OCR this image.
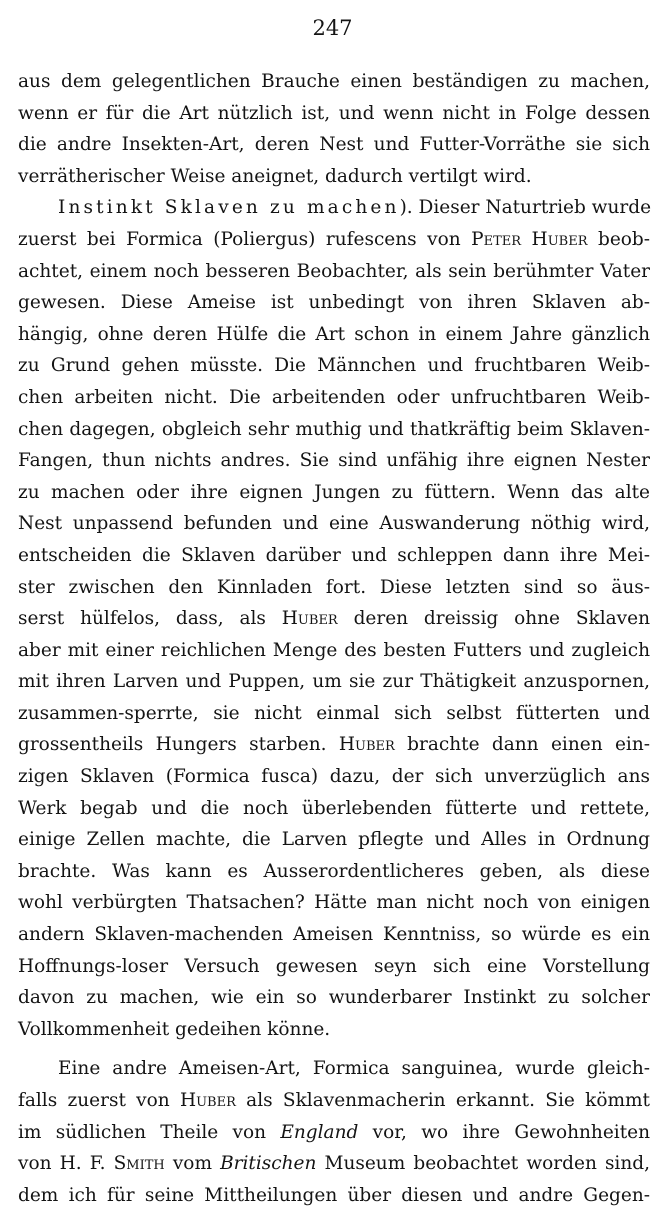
247
aus dem gelegentlichen Brauche einen beständigen zu machen,
wenn er für die Art nützlich ist, und wenn nicht in Folge dessen
die andre Insekten-Art, deren Nest und Futter-Vorräthe sie sich
verrätherischer Weise aneignet, dadurch vertilgt wird.
Instinkt Sklaven zu machen). Dieser Naturtrieb wurde
zuerst bei Formica (Poliergus) rufescens von Peter Huber beob-
achtet, einem noch besseren Beobachter, als sein berühmter Vater
gewesen. Diese Ameise ist unbedingt von ihren Sklaven ab-
hängig, ohne deren Hülfe die Art schon in einem Jahre gänzlich
zu Grund gehen müsste. Die Männchen und fruchtbaren Weib-
chen arbeiten nicht. Die arbeitenden oder unfruchtbaren Weib-
chen dagegen, obgleich sehr muthig und thatkräftig beim Sklaven-
Fangen, thun nichts andres. Sie sind unfähig ihre eignen Nester
zu machen oder ihre eignen Jungen zu füttern. Wenn das alte
Nest unpassend befunden und eine Auswanderung nöthig wird,
entscheiden die Sklaven darüber und schleppen dann ihre Mei-
ster zwischen den Kinnladen fort. Diese letzten sind so äus-
serst hülfelos, dass, als Huber deren dreissig ohne Sklaven
aber mit einer reichlichen Menge des besten Futters und zugleich
mit ihren Larven und Puppen, um sie zur Thätigkeit anzuspornen,
zusammen-sperrte, sie nicht einmal sich selbst fütterten und
grossentheils Hungers starben. Huber brachte dann einen ein-
zigen Sklaven (Formica fusca) dazu, der sich unverzüglich ans
Werk begab und die noch überlebenden fütterte und rettete,
einige Zellen machte, die Larven pflegte und Alles in Ordnung
brachte. Was kann es Ausserordentlicheres geben, als diese
wohl verbürgten Thatsachen? Hätte man nicht noch von einigen
andern Sklaven-machenden Ameisen Kenntniss, so würde es ein
Hoffnungs-loser Versuch gewesen seyn sich eine Vorstellung
davon zu machen, wie ein so wunderbarer Instinkt zu solcher
Vollkommenheit gedeihen könne.
Eine andre Ameisen-Art, Formica sanguinea, wurde gleich-
falls zuerst von Huber als Sklavenmacherin erkannt. Sie kömmt
im südlichen Theile von England vor, wo ihre Gewohnheiten
von H. F. Smith vom Britischen Museum beobachtet worden sind,
dem ich für seine Mittheilungen über diesen und andre Gegen-
